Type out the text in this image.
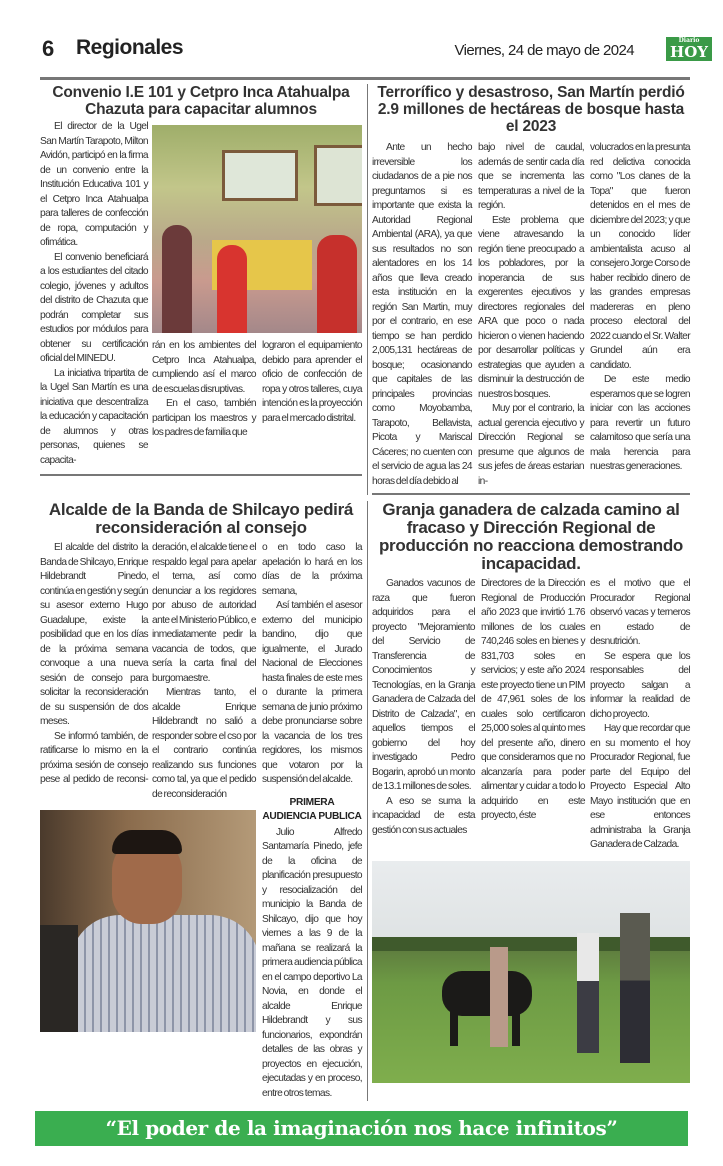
6 Regionales	Viernes, 24 de mayo de 2024
Diario
HOY
Convenio I.E 101 y Cetpro Inca Atahualpa Chazuta para capacitar alumnos

El director de la Ugel San Martín Tarapoto, Milton Avidón, participó en la firma de un convenio entre la Institución Educativa 101 y el Cetpro Inca Atahualpa para talleres de confección de ropa, computación y ofimática.

El convenio beneficiará a los estudiantes del citado colegio, jóvenes y adultos del distrito de Chazuta que podrán completar sus estudios por módulos para obtener su certificación oficial del MINEDU.

La iniciativa tripartita de la Ugel San Martín es una iniciativa que descentraliza la educación y capacitación de alumnos y otras personas, quienes se capacita-

rán en los ambientes del Cetpro Inca Atahualpa, cumpliendo así el marco de escuelas disruptivas.

En el caso, también participan los maestros y los padres de familia que

lograron el equipamiento debido para aprender el oficio de confección de ropa y otros talleres, cuya intención es la proyección para el mercado distrital.

Terrorífico y desastroso, San Martín perdió 2.9 millones de hectáreas de bosque hasta el 2023

Ante un hecho irreversible los ciudadanos de a pie nos preguntamos si es importante que exista la Autoridad Regional Ambiental (ARA), ya que sus resultados no son alentadores en los 14 años que lleva creado esta institución en la región San Martin, muy por el contrario, en ese tiempo se han perdido 2,005,131 hectáreas de bosque; ocasionando que capitales de las principales provincias como Moyobamba, Tarapoto, Bellavista, Picota y Mariscal Cáceres; no cuenten con el servicio de agua las 24 horas del día debido al

bajo nivel de caudal, además de sentir cada día que se incrementa las temperaturas a nivel de la región.

Este problema que viene atravesando la región tiene preocupado a los pobladores, por la inoperancia de sus exgerentes ejecutivos y directores regionales del ARA que poco o nada hicieron o vienen haciendo por desarrollar políticas y estrategias que ayuden a disminuir la destrucción de nuestros bosques.

Muy por el contrario, la actual gerencia ejecutivo y Dirección Regional se presume que algunos de sus jefes de áreas estarian in-

volucrados en la presunta red delictiva conocida como "Los clanes de la Topa" que fueron detenidos en el mes de diciembre del 2023; y que un conocido líder ambientalista acuso al consejero Jorge Corso de haber recibido dinero de las grandes empresas madereras en pleno proceso electoral del 2022 cuando el Sr. Walter Grundel aún era candidato.

De este medio esperamos que se logren iniciar con las acciones para revertir un futuro calamitoso que sería una mala herencia para nuestras generaciones.

Alcalde de la Banda de Shilcayo pedirá reconsideración al consejo

El alcalde del distrito la Banda de Shilcayo, Enrique Hildebrandt Pinedo, continúa en gestión y según su asesor externo Hugo Guadalupe, existe la posibilidad que en los días de la próxima semana convoque a una nueva sesión de consejo para solicitar la reconsideración de su suspensión de dos meses.

Se informó también, de ratificarse lo mismo en la próxima sesión de consejo pese al pedido de reconsi-

deración, el alcalde tiene el respaldo legal para apelar el tema, así como denunciar a los regidores por abuso de autoridad ante el Ministerio Público, e inmediatamente pedir la vacancia de todos, que sería la carta final del burgomaestre.

Mientras tanto, el alcalde Enrique Hildebrandt no salió a responder sobre el cso por el contrario continúa realizando sus funciones como tal, ya que el pedido de reconsideración

o en todo caso la apelación lo hará en los días de la próxima semana,

Así también el asesor externo del municipio bandino, dijo que igualmente, el Jurado Nacional de Elecciones hasta finales de este mes o durante la primera semana de junio próximo debe pronunciarse sobre la vacancia de los tres regidores, los mismos que votaron por la suspensión del alcalde.

PRIMERA AUDIENCIA PUBLICA

Julio Alfredo Santamaría Pinedo, jefe de la oficina de planificación presupuesto y resocialización del municipio la Banda de Shilcayo, dijo que hoy viernes a las 9 de la mañana se realizará la primera audiencia pública en el campo deportivo La Novia, en donde el alcalde Enrique Hildebrandt y sus funcionarios, expondrán detalles de las obras y proyectos en ejecución, ejecutadas y en proceso, entre otros temas.

Granja ganadera de calzada camino al fracaso y Dirección Regional de producción no reacciona demostrando incapacidad.

Ganados vacunos de raza que fueron adquiridos para el proyecto "Mejoramiento del Servicio de Transferencia de Conocimientos y Tecnologías, en la Granja Ganadera de Calzada del Distrito de Calzada", en aquellos tiempos el gobierno del hoy investigado Pedro Bogarin, aprobó un monto de 13.1 millones de soles.

A eso se suma la incapacidad de esta gestión con sus actuales

Directores de la Dirección Regional de Producción año 2023 que invirtió 1.76 millones de los cuales 740,246 soles en bienes y 831,703 soles en servicios; y este año 2024 este proyecto tiene un PIM de 47,961 soles de los cuales solo certificaron 25,000 soles al quinto mes del presente año, dinero que consideramos que no alcanzaría para poder alimentar y cuidar a todo lo adquirido en este proyecto, éste

es el motivo que el Procurador Regional observó vacas y terneros en estado de desnutrición.

Se espera que los responsables del proyecto salgan a informar la realidad de dicho proyecto.

Hay que recordar que en su momento el hoy Procurador Regional, fue parte del Equipo del Proyecto Especial Alto Mayo institución que en ese entonces administraba la Granja Ganadera de Calzada.

“El poder de la imaginación nos hace infinitos”
